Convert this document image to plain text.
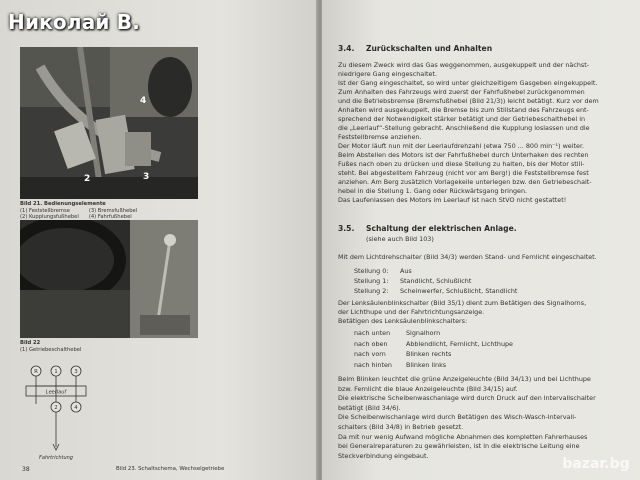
4
2	3
Bild 21. Bedienungselemente
(1) Feststellbremse
(2) Kupplungsfußhebel
(3) Bremsfußhebel
(4) Fahrfußhebel
Bild 22
(1) Getriebeschalthebel
R	1	3
2	4
Leerlauf
Fahrtrichtung
Bild 23. Schaltschema, Wechselgetriebe
38
3.4. Zurückschalten und Anhalten
Zu diesem Zweck wird das Gas weggenommen, ausgekuppelt und der nächst-
niedrigere Gang eingeschaltet.
Ist der Gang eingeschaltet, so wird unter gleichzeitigem Gasgeben eingekuppelt.
Zum Anhalten des Fahrzeugs wird zuerst der Fahrfußhebel zurückgenommen
und die Betriebsbremse (Bremsfußhebel (Bild 21/3)) leicht betätigt. Kurz vor dem
Anhalten wird ausgekuppelt, die Bremse bis zum Stillstand des Fahrzeugs ent-
sprechend der Notwendigkeit stärker betätigt und der Getriebeschalthebel in
die „Leerlauf“-Stellung gebracht. Anschließend die Kupplung loslassen und die
Feststellbremse anziehen.
Der Motor läuft nun mit der Leerlaufdrehzahl (etwa 750 ... 800 min⁻¹) weiter.
Beim Abstellen des Motors ist der Fahrfußhebel durch Unterhaken des rechten
Fußes nach oben zu drücken und diese Stellung zu halten, bis der Motor still-
steht. Bei abgestelltem Fahrzeug (nicht vor am Berg!) die Feststellbremse fest
anziehen. Am Berg zusätzlich Vorlagekeile unterlegen bzw. den Getriebeschalt-
hebel in die Stellung 1. Gang oder Rückwärtsgang bringen.
Das Laufenlassen des Motors im Leerlauf ist nach StVO nicht gestattet!
3.5. Schaltung der elektrischen Anlage.
(siehe auch Bild 103)
Mit dem Lichtdrehschalter (Bild 34/3) werden Stand- und Fernlicht eingeschaltet.
Stellung 0: Aus
Stellung 1: Standlicht, Schlußlicht
Stellung 2: Scheinwerfer, Schlußlicht, Standlicht
Der Lenksäulenblinkschalter (Bild 35/1) dient zum Betätigen des Signalhorns,
der Lichthupe und der Fahrtrichtungsanzeige.
Betätigen des Lenksäulenblinkschalters:
nach unten Signalhorn
nach oben	Abblendlicht, Fernlicht, Lichthupe
nach vorn	Blinken rechts
nach hinten Blinken links
Beim Blinken leuchtet die grüne Anzeigeleuchte (Bild 34/13) und bei Lichthupe
bzw. Fernlicht die blaue Anzeigeleuchte (Bild 34/15) auf.
Die elektrische Scheibenwaschanlage wird durch Druck auf den Intervallschalter
betätigt (Bild 34/6).
Die Scheibenwischanlage wird durch Betätigen des Wisch-Wasch-Intervall-
schalters (Bild 34/8) in Betrieb gesetzt.
Da mit nur wenig Aufwand mögliche Abnahmen des kompletten Fahrerhauses
bei Generalreparaturen zu gewährleisten, ist in die elektrische Leitung eine
Steckverbindung eingebaut.
Николай В.
bazar.bg
